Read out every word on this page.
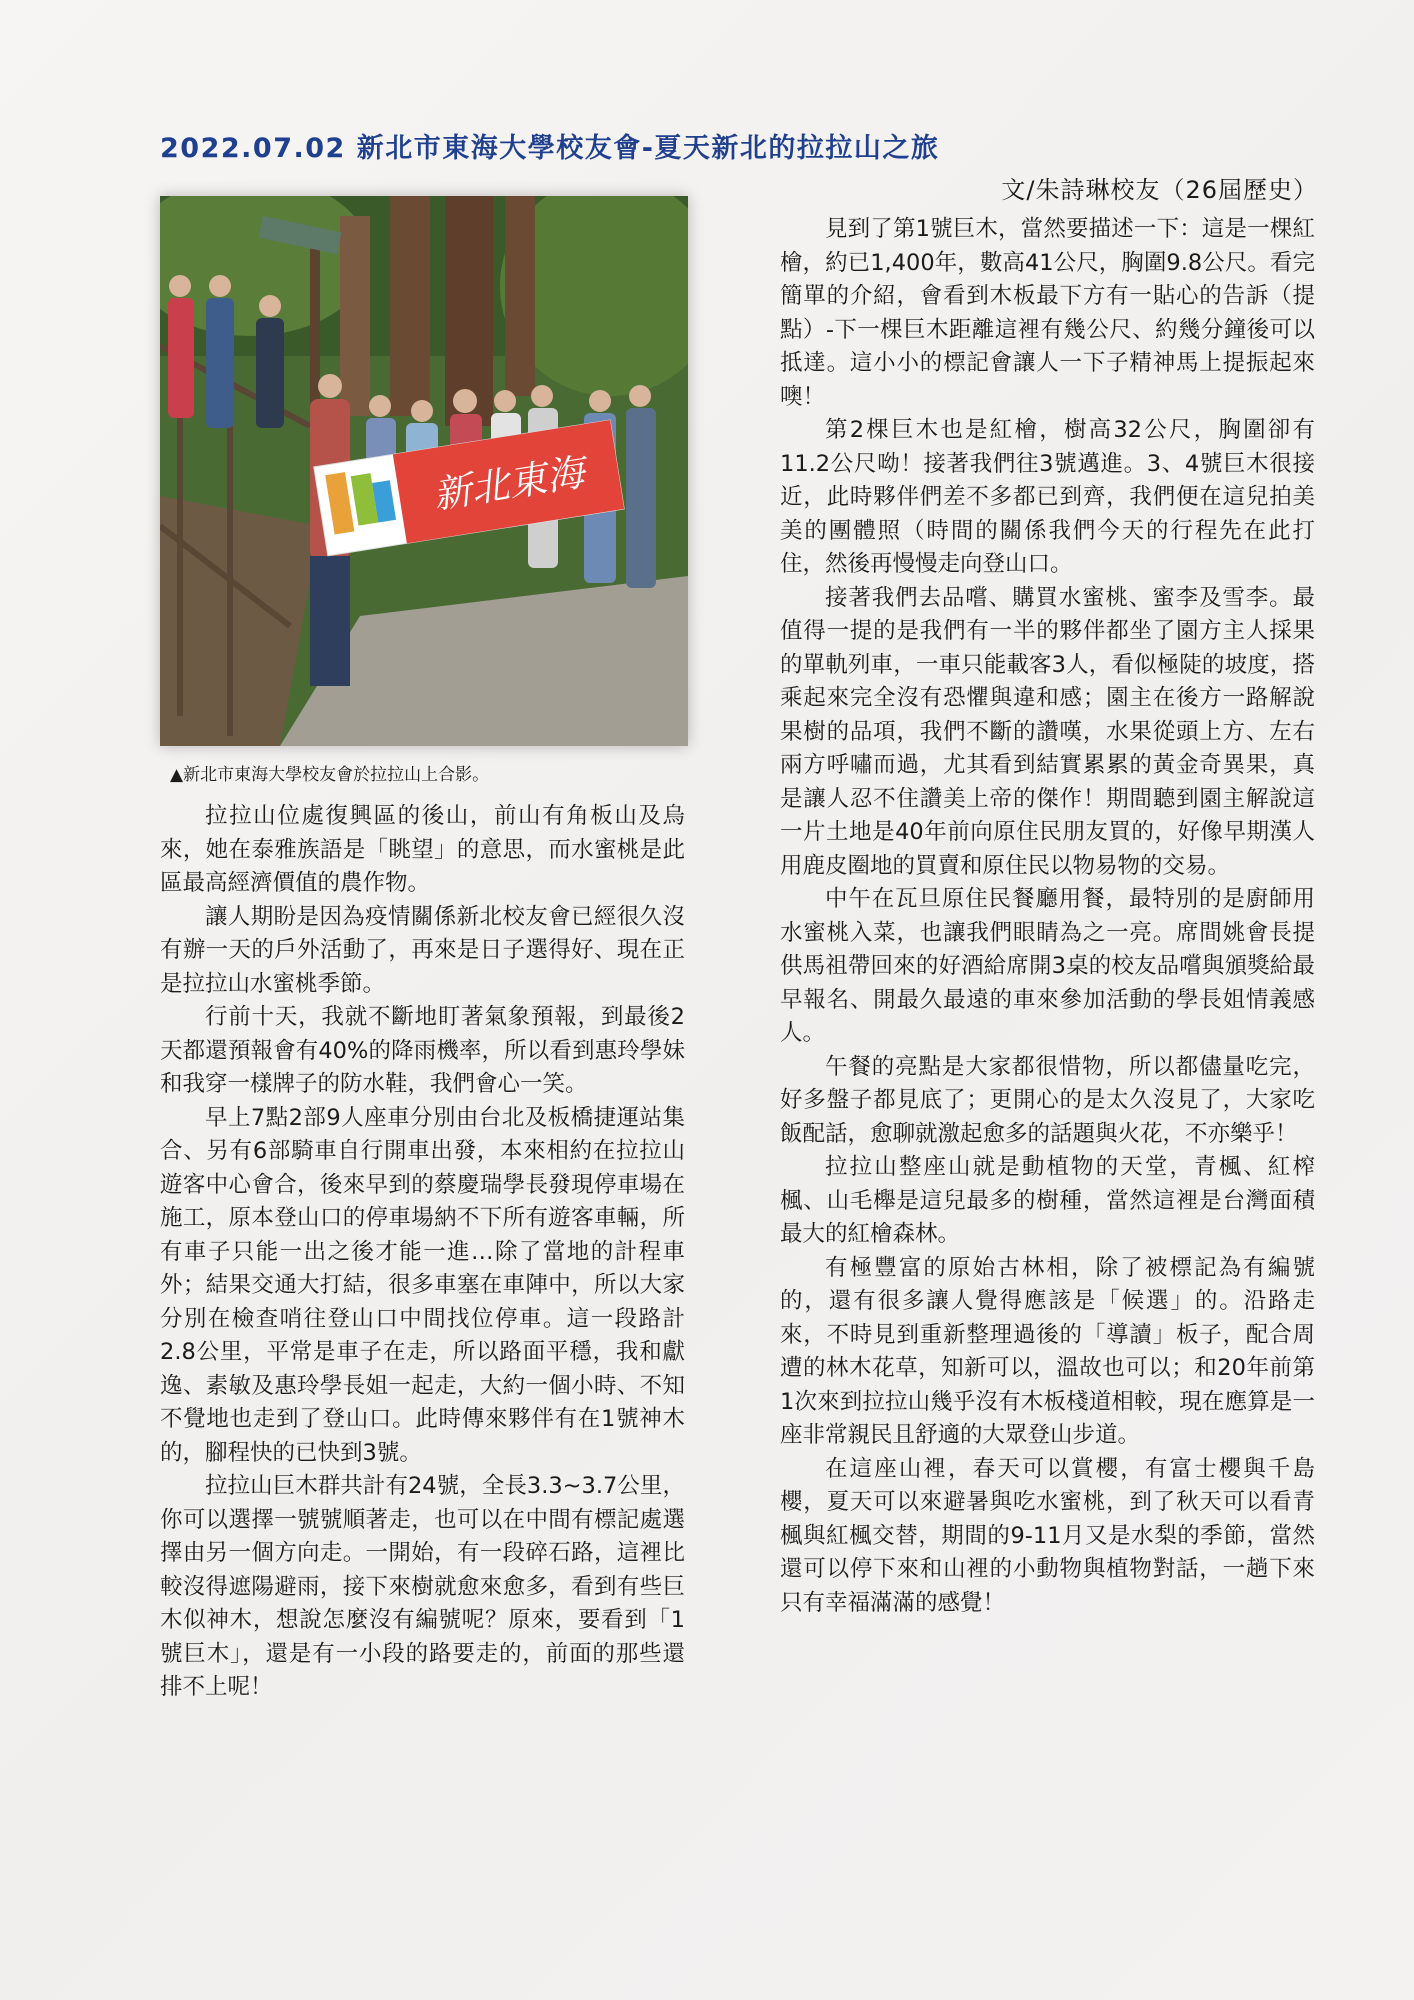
2022.07.02 新北市東海大學校友會-夏天新北的拉拉山之旅
文/朱詩琳校友（26屆歷史）
新北東海
▲新北市東海大學校友會於拉拉山上合影。

拉拉山位處復興區的後山，前山有角板山及烏來，她在泰雅族語是「眺望」的意思，而水蜜桃是此區最高經濟價值的農作物。

讓人期盼是因為疫情關係新北校友會已經很久沒有辦一天的戶外活動了，再來是日子選得好、現在正是拉拉山水蜜桃季節。

行前十天，我就不斷地盯著氣象預報，到最後2天都還預報會有40%的降雨機率，所以看到惠玲學妹和我穿一樣牌子的防水鞋，我們會心一笑。

早上7點2部9人座車分別由台北及板橋捷運站集合、另有6部騎車自行開車出發，本來相約在拉拉山遊客中心會合，後來早到的蔡慶瑞學長發現停車場在施工，原本登山口的停車場納不下所有遊客車輛，所有車子只能一出之後才能一進…除了當地的計程車外；結果交通大打結，很多車塞在車陣中，所以大家分別在檢查哨往登山口中間找位停車。這一段路計2.8公里，平常是車子在走，所以路面平穩，我和獻逸、素敏及惠玲學長姐一起走，大約一個小時、不知不覺地也走到了登山口。此時傳來夥伴有在1號神木的，腳程快的已快到3號。

拉拉山巨木群共計有24號，全長3.3~3.7公里，你可以選擇一號號順著走，也可以在中間有標記處選擇由另一個方向走。一開始，有一段碎石路，這裡比較沒得遮陽避雨，接下來樹就愈來愈多，看到有些巨木似神木，想說怎麼沒有編號呢？原來，要看到「1號巨木」，還是有一小段的路要走的，前面的那些還排不上呢！

見到了第1號巨木，當然要描述一下：這是一棵紅檜，約已1,400年，數高41公尺，胸圍9.8公尺。看完簡單的介紹，會看到木板最下方有一貼心的告訴（提點）-下一棵巨木距離這裡有幾公尺、約幾分鐘後可以抵達。這小小的標記會讓人一下子精神馬上提振起來噢！

第2棵巨木也是紅檜，樹高32公尺，胸圍卻有11.2公尺呦！接著我們往3號邁進。3、4號巨木很接近，此時夥伴們差不多都已到齊，我們便在這兒拍美美的團體照（時間的關係我們今天的行程先在此打住，然後再慢慢走向登山口。

接著我們去品嚐、購買水蜜桃、蜜李及雪李。最值得一提的是我們有一半的夥伴都坐了園方主人採果的單軌列車，一車只能載客3人，看似極陡的坡度，搭乘起來完全沒有恐懼與違和感；園主在後方一路解說果樹的品項，我們不斷的讚嘆，水果從頭上方、左右兩方呼嘯而過，尤其看到結實累累的黃金奇異果，真是讓人忍不住讚美上帝的傑作！期間聽到園主解說這一片土地是40年前向原住民朋友買的，好像早期漢人用鹿皮圈地的買賣和原住民以物易物的交易。

中午在瓦旦原住民餐廳用餐，最特別的是廚師用水蜜桃入菜，也讓我們眼睛為之一亮。席間姚會長提供馬祖帶回來的好酒給席開3桌的校友品嚐與頒獎給最早報名、開最久最遠的車來參加活動的學長姐情義感人。

午餐的亮點是大家都很惜物，所以都儘量吃完，好多盤子都見底了；更開心的是太久沒見了，大家吃飯配話，愈聊就激起愈多的話題與火花，不亦樂乎！

拉拉山整座山就是動植物的天堂，青楓、紅榨楓、山毛櫸是這兒最多的樹種，當然這裡是台灣面積最大的紅檜森林。

有極豐富的原始古林相，除了被標記為有編號的，還有很多讓人覺得應該是「候選」的。沿路走來，不時見到重新整理過後的「導讀」板子，配合周遭的林木花草，知新可以，溫故也可以；和20年前第1次來到拉拉山幾乎沒有木板棧道相較，現在應算是一座非常親民且舒適的大眾登山步道。

在這座山裡，春天可以賞櫻，有富士櫻與千島櫻，夏天可以來避暑與吃水蜜桃，到了秋天可以看青楓與紅楓交替，期間的9-11月又是水梨的季節，當然還可以停下來和山裡的小動物與植物對話，一趟下來只有幸福滿滿的感覺！
